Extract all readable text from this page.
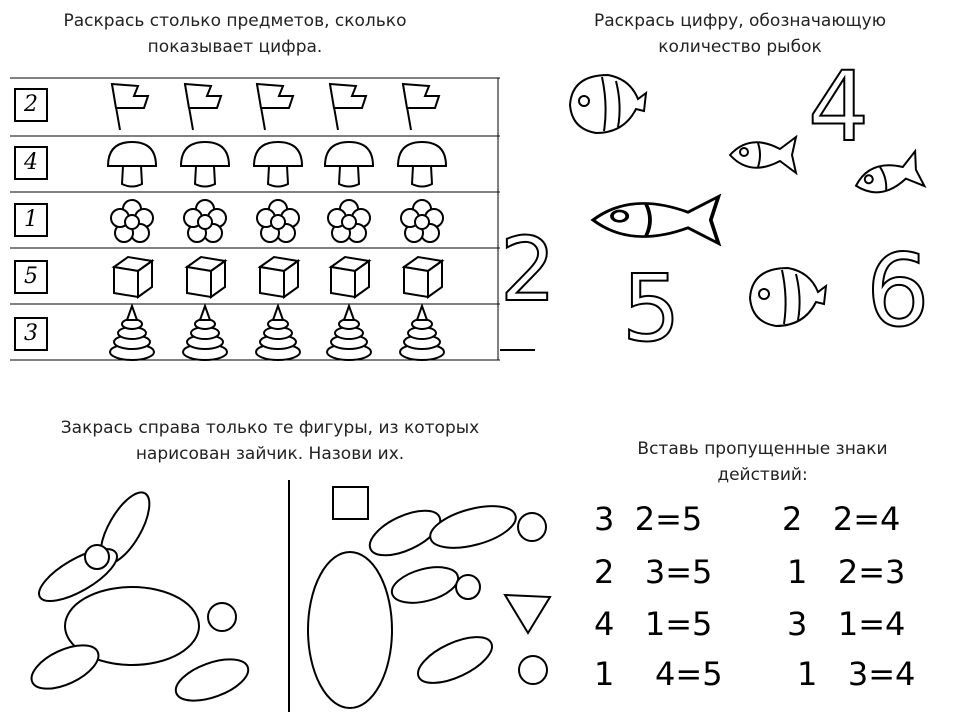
Раскрась столько предметов, сколько
показывает цифра.
Раскрась цифру, обозначающую
количество рыбок
Закрась справа только те фигуры, из которых
нарисован зайчик. Назови их.	Вставь пропущенные знаки
действий:
2
4
1
5
3
4
2 5 6
3  2=5
2   3=5
4   1=5
1    4=5
2   2=4
1   2=3
3   1=4
1   3=4
